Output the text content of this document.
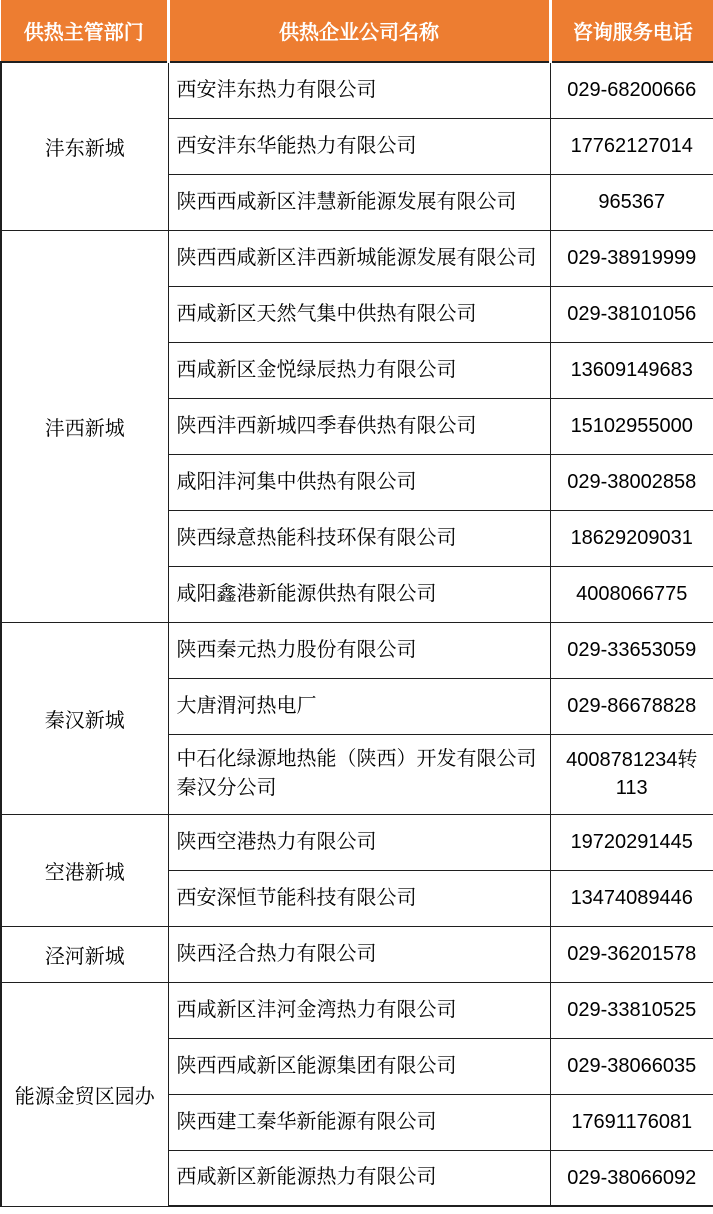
供热主管部门	供热企业公司名称	咨询服务电话
沣东新城	西安沣东热力有限公司	029-68200666
	西安沣东华能热力有限公司	17762127014
	陕西西咸新区沣慧新能源发展有限公司	965367
沣西新城	陕西西咸新区沣西新城能源发展有限公司	029-38919999
	西咸新区天然气集中供热有限公司	029-38101056
	西咸新区金悦绿辰热力有限公司	13609149683
	陕西沣西新城四季春供热有限公司	15102955000
	咸阳沣河集中供热有限公司	029-38002858
	陕西绿意热能科技环保有限公司	18629209031
	咸阳鑫港新能源供热有限公司	4008066775
秦汉新城	陕西秦元热力股份有限公司	029-33653059
	大唐渭河热电厂	029-86678828
	中石化绿源地热能（陕西）开发有限公司秦汉分公司	4008781234转113
空港新城	陕西空港热力有限公司	19720291445
	西安深恒节能科技有限公司	13474089446
泾河新城	陕西泾合热力有限公司	029-36201578
能源金贸区园办	西咸新区沣河金湾热力有限公司	029-33810525
	陕西西咸新区能源集团有限公司	029-38066035
	陕西建工秦华新能源有限公司	17691176081
	西咸新区新能源热力有限公司	029-38066092
